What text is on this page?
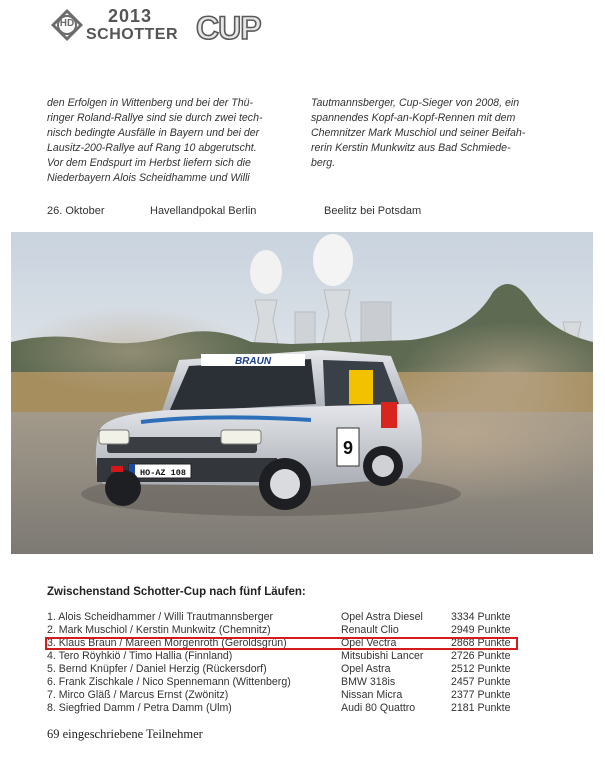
HD	2013
SCHOTTER CUP
den Erfolgen in Wittenberg und bei der Thü-
ringer Roland-Rallye sind sie durch zwei tech-
nisch bedingte Ausfälle in Bayern und bei der
Lausitz-200-Rallye auf Rang 10 abgerutscht.
Vor dem Endspurt im Herbst liefern sich die
Niederbayern Alois Scheidhamme und Willi
Tautmannsberger, Cup-Sieger von 2008, ein
spannendes Kopf-an-Kopf-Rennen mit dem
Chemnitzer Mark Muschiol und seiner Beifah-
rerin Kerstin Munkwitz aus Bad Schmiede-
berg.
26. Oktober	Havellandpokal Berlin	Beelitz bei Potsdam
BRAUN
9
HO-AZ 108
Zwischenstand Schotter-Cup nach fünf Läufen:
1. Alois Scheidhammer / Willi Trautmannsberger	Opel Astra Diesel	3334 Punkte
2. Mark Muschiol / Kerstin Munkwitz (Chemnitz)	Renault Clio	2949 Punkte
3. Klaus Braun / Mareen Morgenroth (Geroldsgrün)	Opel Vectra	2868 Punkte
4. Tero Röyhkiö / Timo Hallia (Finnland)	Mitsubishi Lancer	2726 Punkte
5. Bernd Knüpfer / Daniel Herzig (Rückersdorf)	Opel Astra	2512 Punkte
6. Frank Zischkale / Nico Spennemann (Wittenberg)	BMW 318is	2457 Punkte
7. Mirco Gläß / Marcus Ernst (Zwönitz)	Nissan Micra	2377 Punkte
8. Siegfried Damm / Petra Damm (Ulm)	Audi 80 Quattro	2181 Punkte
69 eingeschriebene Teilnehmer
